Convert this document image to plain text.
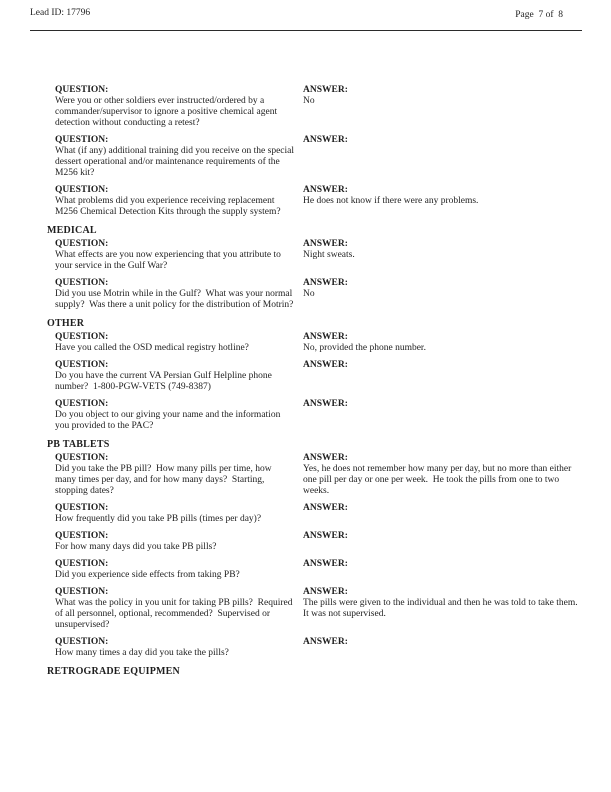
Lead ID: 17796	Page  7 of  8
QUESTION:
Were you or other soldiers ever instructed/ordered by a commander/supervisor to ignore a positive chemical agent detection without conducting a retest?
ANSWER:
No
QUESTION:
What (if any) additional training did you receive on the special dessert operational and/or maintenance requirements of the M256 kit?
ANSWER:
QUESTION:
What problems did you experience receiving replacement M256 Chemical Detection Kits through the supply system?
ANSWER:
He does not know if there were any problems.
MEDICAL
QUESTION:
What effects are you now experiencing that you attribute to your service in the Gulf War?
ANSWER:
Night sweats.
QUESTION:
Did you use Motrin while in the Gulf?  What was your normal supply?  Was there a unit policy for the distribution of Motrin?
ANSWER:
No
OTHER
QUESTION:
Have you called the OSD medical registry hotline?
ANSWER:
No, provided the phone number.
QUESTION:
Do you have the current VA Persian Gulf Helpline phone number?  1-800-PGW-VETS (749-8387)
ANSWER:
QUESTION:
Do you object to our giving your name and the information you provided to the PAC?
ANSWER:
PB TABLETS
QUESTION:
Did you take the PB pill?  How many pills per time, how many times per day, and for how many days?  Starting, stopping dates?
ANSWER:
Yes, he does not remember how many per day, but no more than either one pill per day or one per week.  He took the pills from one to two weeks.
QUESTION:
How frequently did you take PB pills (times per day)?
ANSWER:
QUESTION:
For how many days did you take PB pills?
ANSWER:
QUESTION:
Did you experience side effects from taking PB?
ANSWER:
QUESTION:
What was the policy in you unit for taking PB pills?  Required of all personnel, optional, recommended?  Supervised or unsupervised?
ANSWER:
The pills were given to the individual and then he was told to take them.  It was not supervised.
QUESTION:
How many times a day did you take the pills?
ANSWER:
RETROGRADE EQUIPMEN
